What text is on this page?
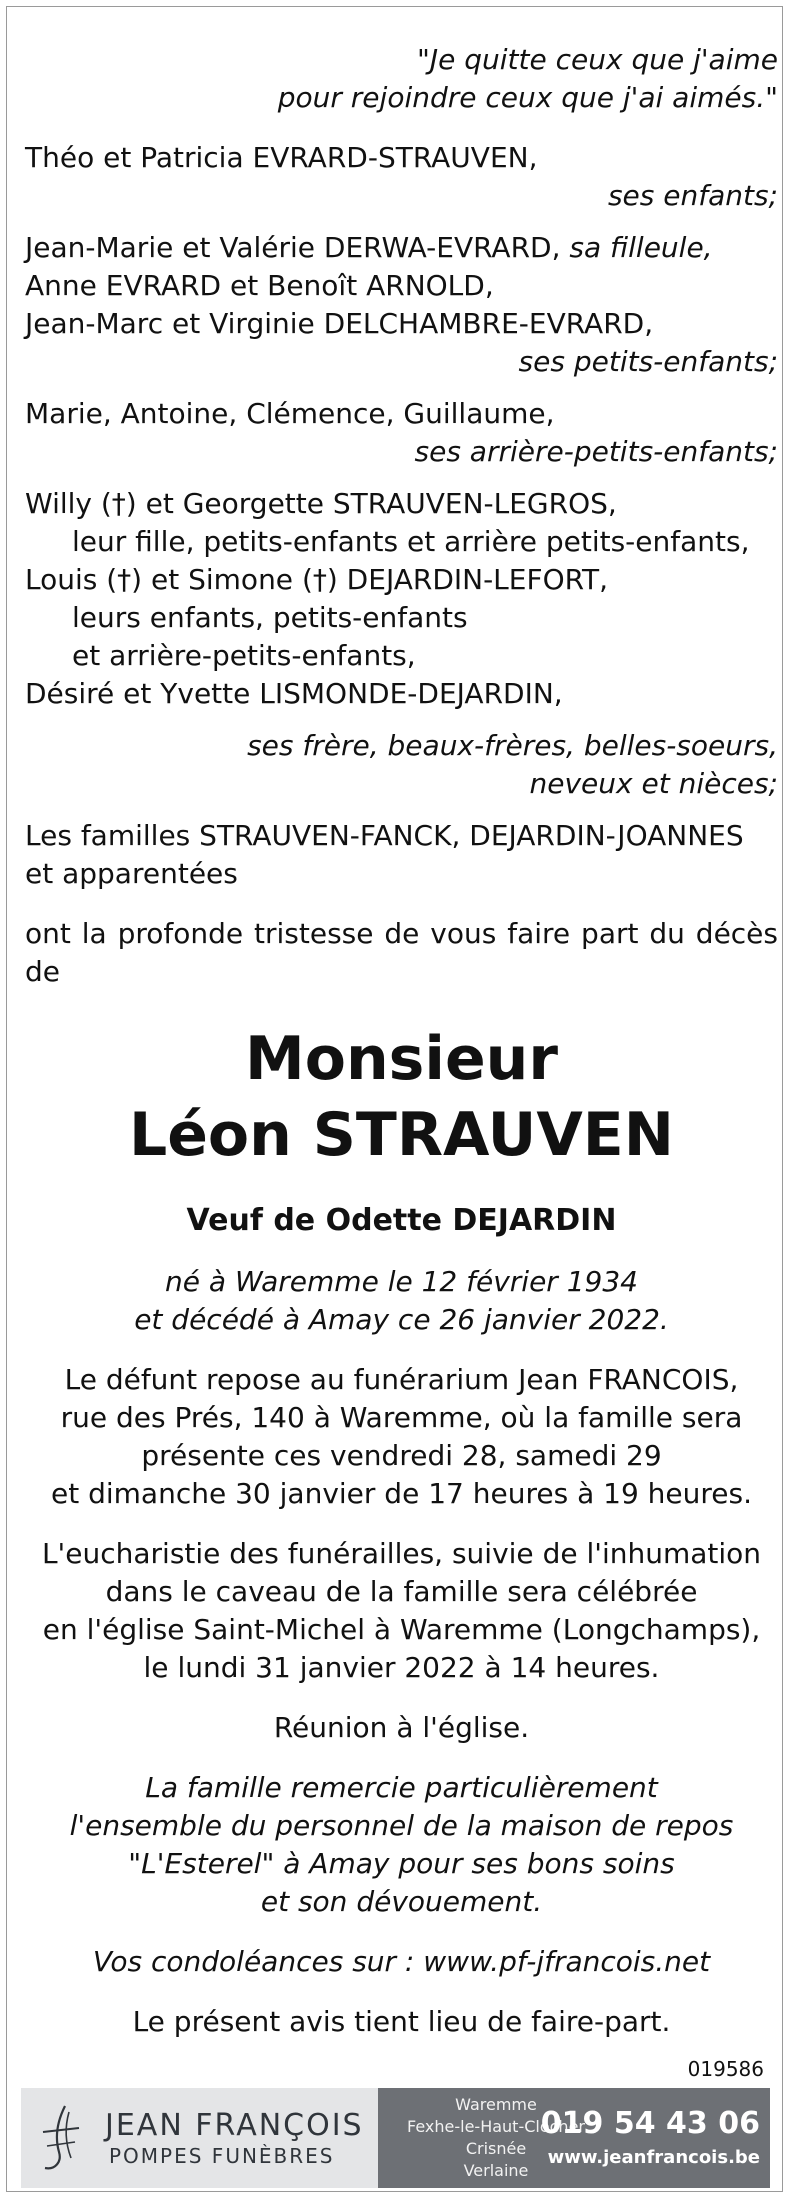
"Je quitte ceux que j'aime
pour rejoindre ceux que j'ai aimés."
Théo et Patricia EVRARD-STRAUVEN,
ses enfants;
Jean-Marie et Valérie DERWA-EVRARD, sa filleule,
Anne EVRARD et Benoît ARNOLD,
Jean-Marc et Virginie DELCHAMBRE-EVRARD,
ses petits-enfants;
Marie, Antoine, Clémence, Guillaume,
ses arrière-petits-enfants;
Willy (†) et Georgette STRAUVEN-LEGROS,
leur fille, petits-enfants et arrière petits-enfants,
Louis (†) et Simone (†) DEJARDIN-LEFORT,
leurs enfants, petits-enfants
et arrière-petits-enfants,
Désiré et Yvette LISMONDE-DEJARDIN,
ses frère, beaux-frères, belles-soeurs,
neveux et nièces;
Les familles STRAUVEN-FANCK, DEJARDIN-JOANNES
et apparentées
ont la profonde tristesse de vous faire part du décès de
Monsieur
Léon STRAUVEN
Veuf de Odette DEJARDIN
né à Waremme le 12 février 1934
et décédé à Amay ce 26 janvier 2022.
Le défunt repose au funérarium Jean FRANCOIS,
rue des Prés, 140 à Waremme, où la famille sera
présente ces vendredi 28, samedi 29
et dimanche 30 janvier de 17 heures à 19 heures.
L'eucharistie des funérailles, suivie de l'inhumation
dans le caveau de la famille sera célébrée
en l'église Saint-Michel à Waremme (Longchamps),
le lundi 31 janvier 2022 à 14 heures.
Réunion à l'église.
La famille remercie particulièrement
l'ensemble du personnel de la maison de repos
"L'Esterel" à Amay pour ses bons soins
et son dévouement.
Vos condoléances sur : www.pf-jfrancois.net
Le présent avis tient lieu de faire-part.
019586
JEAN FRANÇOIS
POMPES FUNÈBRES
Waremme
Fexhe-le-Haut-Clocher
Crisnée
Verlaine
019 54 43 06
www.jeanfrancois.be
